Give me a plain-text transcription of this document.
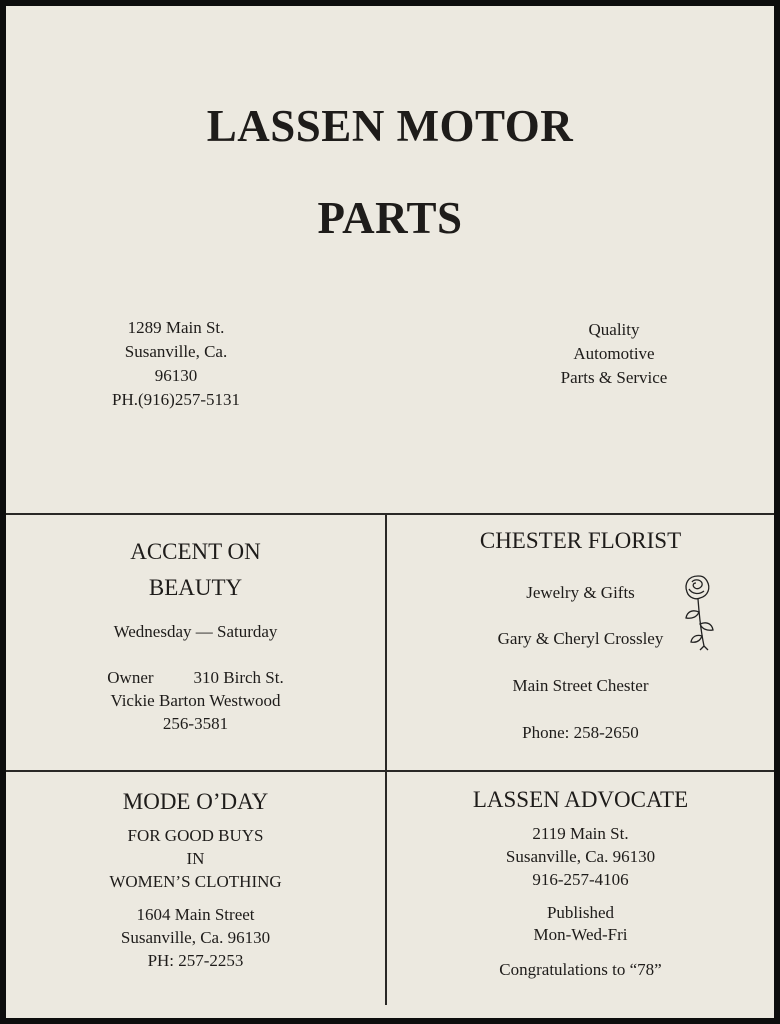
LASSEN MOTOR
PARTS
1289 Main St.
Susanville, Ca.
96130
PH.(916)257-5131
Quality
Automotive
Parts & Service
ACCENT ON
BEAUTY
Wednesday — Saturday
Owner 310 Birch St.
Vickie Barton Westwood
256-3581
CHESTER FLORIST
Jewelry & Gifts
Gary & Cheryl Crossley
Main Street Chester
Phone: 258-2650
MODE O’DAY
FOR GOOD BUYS
IN
WOMEN’S CLOTHING
1604 Main Street
Susanville, Ca. 96130
PH: 257-2253
LASSEN ADVOCATE
2119 Main St.
Susanville, Ca. 96130
916-257-4106
Published
Mon-Wed-Fri
Congratulations to “78”
